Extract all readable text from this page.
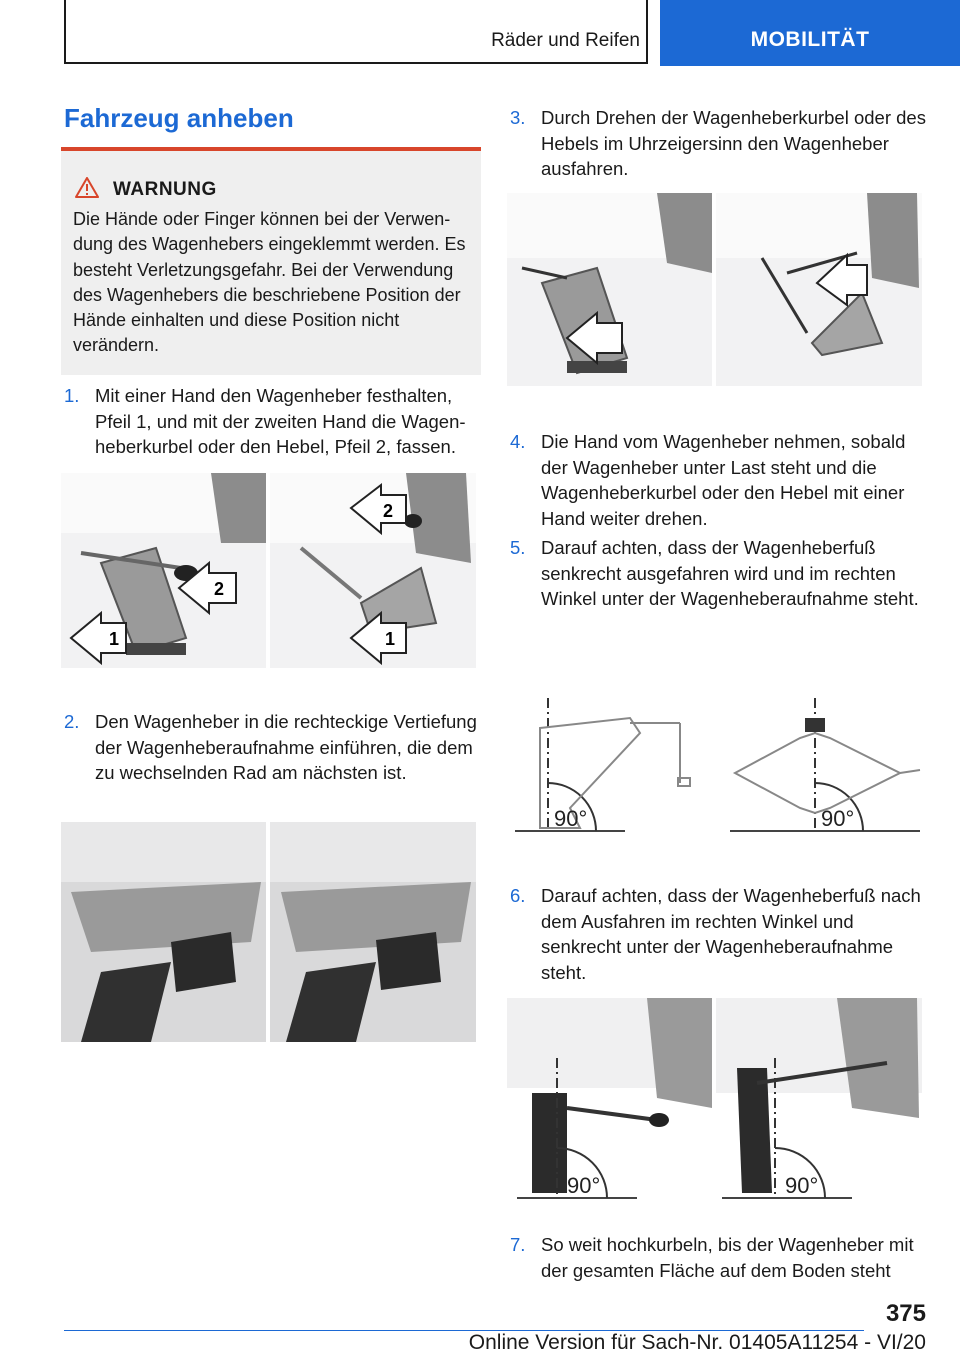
Räder und Reifen	MOBILITÄT
Fahrzeug anheben
WARNUNG
Die Hände oder Finger können bei der Verwendung des Wagenhebers eingeklemmt werden. Es besteht Verletzungsgefahr. Bei der Verwendung des Wagenhebers die beschriebene Position der Hände einhalten und diese Position nicht verändern.
1. Mit einer Hand den Wagenheber festhalten, Pfeil 1, und mit der zweiten Hand die Wagenheberkurbel oder den Hebel, Pfeil 2, fassen.
1
2
2
1
2. Den Wagenheber in die rechteckige Vertiefung der Wagenheberaufnahme einführen, die dem zu wechselnden Rad am nächsten ist.
3. Durch Drehen der Wagenheberkurbel oder des Hebels im Uhrzeigersinn den Wagenheber ausfahren.
4. Die Hand vom Wagenheber nehmen, sobald der Wagenheber unter Last steht und die Wagenheberkurbel oder den Hebel mit einer Hand weiter drehen.
5. Darauf achten, dass der Wagenheberfuß senkrecht ausgefahren wird und im rechten Winkel unter der Wagenheberaufnahme steht.
90°	90°
6. Darauf achten, dass der Wagenheberfuß nach dem Ausfahren im rechten Winkel und senkrecht unter der Wagenheberaufnahme steht.
90°	90°
7. So weit hochkurbeln, bis der Wagenheber mit der gesamten Fläche auf dem Boden steht
375
Online Version für Sach-Nr. 01405A11254 - VI/20
